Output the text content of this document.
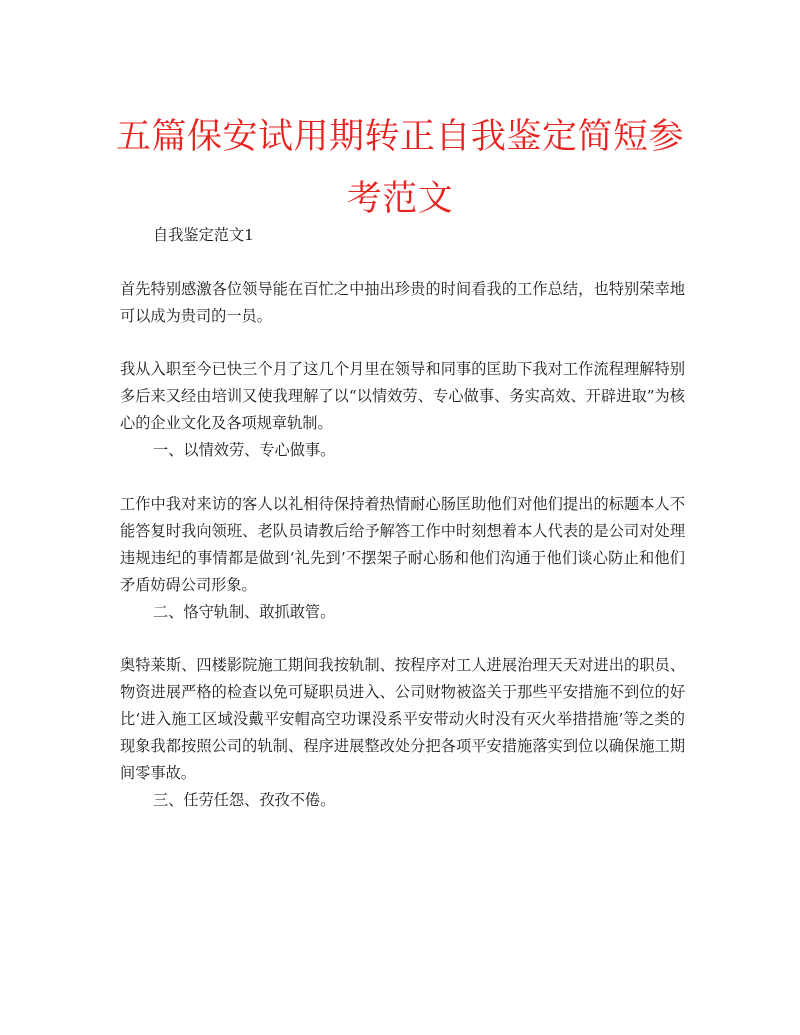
五篇保安试用期转正自我鉴定简短参考范文

自我鉴定范文1

首先特别感激各位领导能在百忙之中抽出珍贵的时间看我的工作总结，也特别荣幸地可以成为贵司的一员。

我从入职至今已快三个月了这几个月里在领导和同事的匡助下我对工作流程理解特别多后来又经由培训又使我理解了以“以情效劳、专心做事、务实高效、开辟进取”为核心的企业文化及各项规章轨制。

一、以情效劳、专心做事。

工作中我对来访的客人以礼相待保持着热情耐心肠匡助他们对他们提出的标题本人不能答复时我向领班、老队员请教后给予解答工作中时刻想着本人代表的是公司对处理违规违纪的事情都是做到‘礼先到’不摆架子耐心肠和他们沟通于他们谈心防止和他们矛盾妨碍公司形象。

二、恪守轨制、敢抓敢管。

奥特莱斯、四楼影院施工期间我按轨制、按程序对工人进展治理天天对进出的职员、物资进展严格的检查以免可疑职员进入、公司财物被盗关于那些平安措施不到位的好比‘进入施工区域没戴平安帽高空功课没系平安带动火时没有灭火举措措施’等之类的现象我都按照公司的轨制、程序进展整改处分把各项平安措施落实到位以确保施工期间零事故。

三、任劳任怨、孜孜不倦。
